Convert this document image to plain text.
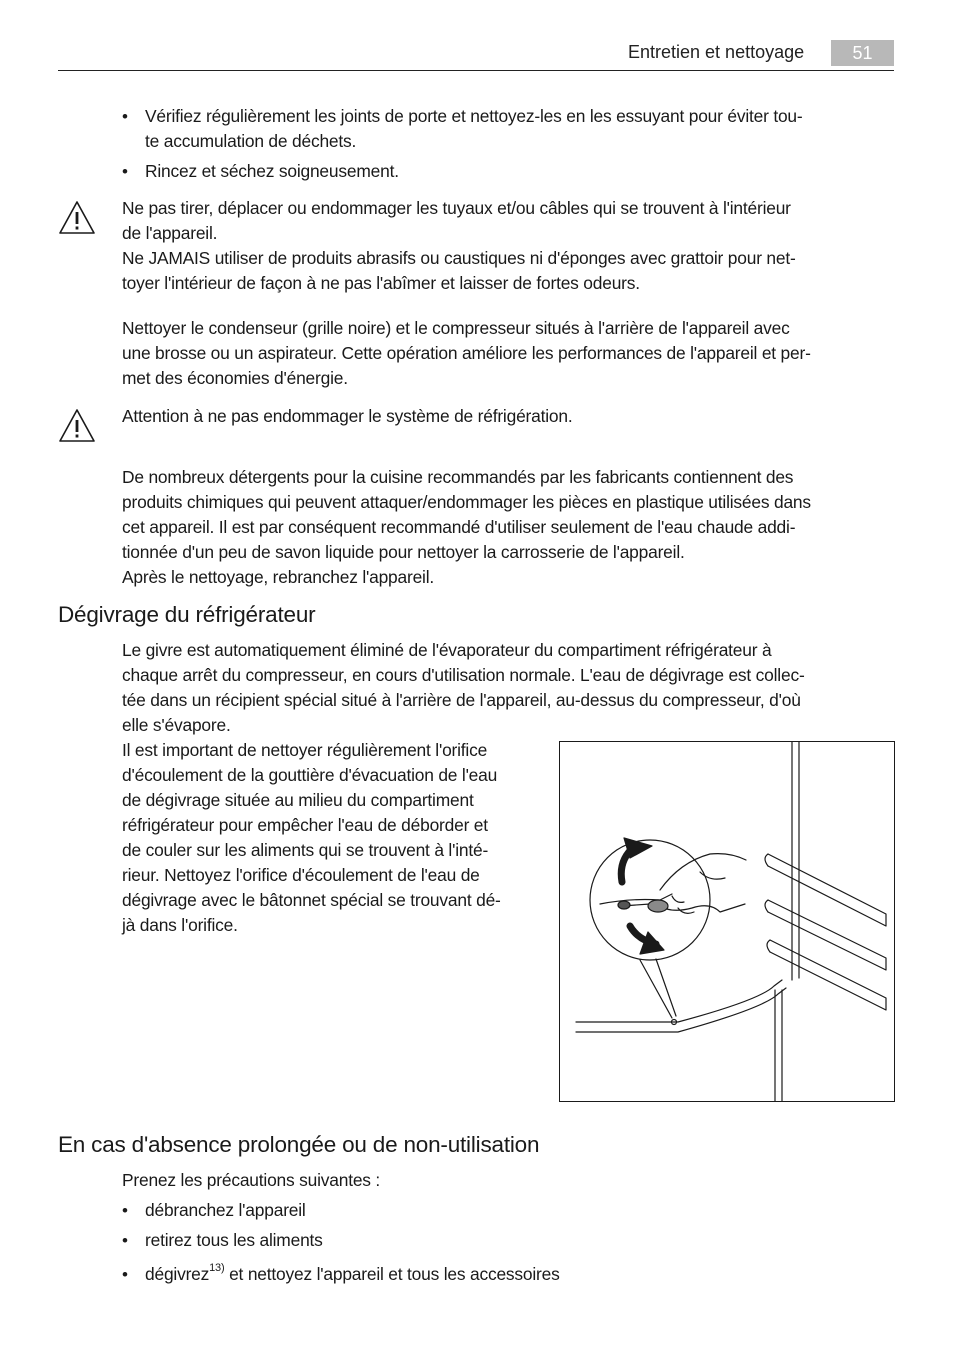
Entretien et nettoyage	51
• Vérifiez régulièrement les joints de porte et nettoyez-les en les essuyant pour éviter tou-
te accumulation de déchets.
• Rincez et séchez soigneusement.
Ne pas tirer, déplacer ou endommager les tuyaux et/ou câbles qui se trouvent à l'intérieur
de l'appareil.
Ne JAMAIS utiliser de produits abrasifs ou caustiques ni d'éponges avec grattoir pour net-
toyer l'intérieur de façon à ne pas l'abîmer et laisser de fortes odeurs.
Nettoyer le condenseur (grille noire) et le compresseur situés à l'arrière de l'appareil avec
une brosse ou un aspirateur. Cette opération améliore les performances de l'appareil et per-
met des économies d'énergie.
Attention à ne pas endommager le système de réfrigération.
De nombreux détergents pour la cuisine recommandés par les fabricants contiennent des
produits chimiques qui peuvent attaquer/endommager les pièces en plastique utilisées dans
cet appareil. Il est par conséquent recommandé d'utiliser seulement de l'eau chaude addi-
tionnée d'un peu de savon liquide pour nettoyer la carrosserie de l'appareil.
Après le nettoyage, rebranchez l'appareil.
Dégivrage du réfrigérateur
Le givre est automatiquement éliminé de l'évaporateur du compartiment réfrigérateur à
chaque arrêt du compresseur, en cours d'utilisation normale. L'eau de dégivrage est collec-
tée dans un récipient spécial situé à l'arrière de l'appareil, au-dessus du compresseur, d'où
elle s'évapore.
Il est important de nettoyer régulièrement l'orifice
d'écoulement de la gouttière d'évacuation de l'eau
de dégivrage située au milieu du compartiment
réfrigérateur pour empêcher l'eau de déborder et
de couler sur les aliments qui se trouvent à l'inté-
rieur. Nettoyez l'orifice d'écoulement de l'eau de
dégivrage avec le bâtonnet spécial se trouvant dé-
jà dans l'orifice.
En cas d'absence prolongée ou de non-utilisation
Prenez les précautions suivantes :
• débranchez l'appareil
• retirez tous les aliments
• dégivrez$^{13)}$ et nettoyez l'appareil et tous les accessoires
